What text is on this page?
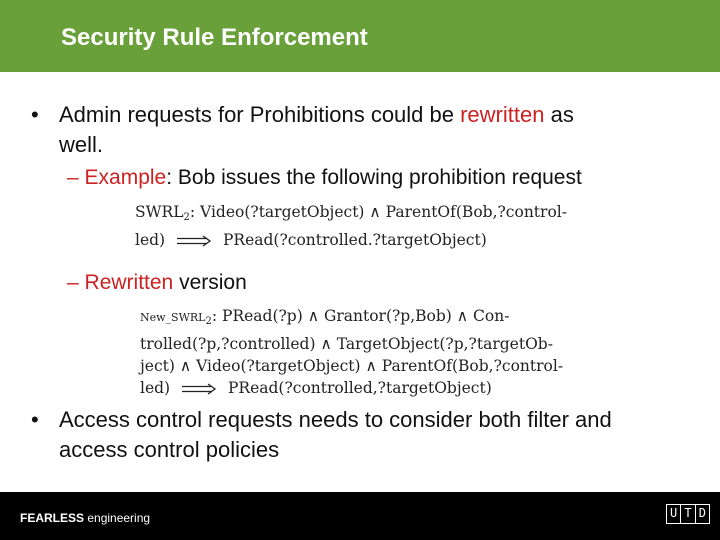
Security Rule Enforcement
• Admin requests for Prohibitions could be rewritten as
well.
– Example: Bob issues the following prohibition request
SWRL2: Video(?targetObject) ∧ ParentOf(Bob,?control-
led)	PRead(?controlled.?targetObject)
– Rewritten version
New_SWRL2: PRead(?p) ∧ Grantor(?p,Bob) ∧ Con-
trolled(?p,?controlled) ∧ TargetObject(?p,?targetOb-
ject) ∧ Video(?targetObject) ∧ ParentOf(Bob,?control-
led)	PRead(?controlled,?targetObject)
• Access control requests needs to consider both filter and
access control policies
FEARLESS engineering	U T D
